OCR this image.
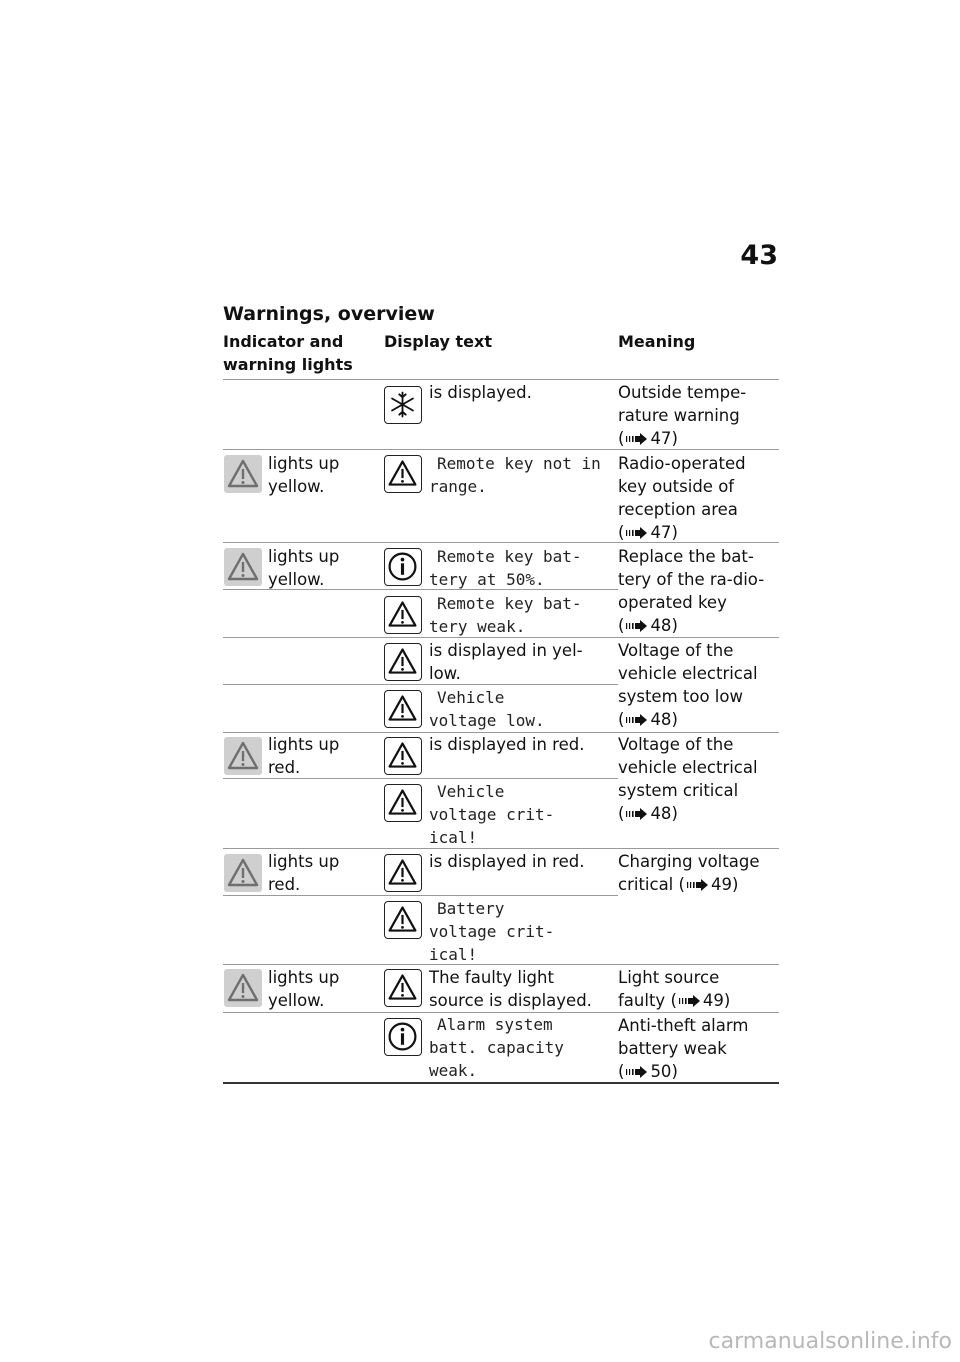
43
Warnings, overview
Indicator and warning lights
Display text	Meaning
is displayed.
lights up yellow.
Remote key not in range.
lights up yellow.
Remote key bat-tery at 50%.
Remote key bat-tery weak.
is displayed in yel-low.
Vehicle voltage low.
lights up red.
is displayed in red.
Vehicle voltage crit-ical!
lights up red.
is displayed in red.
Battery voltage crit-ical!
lights up yellow.
The faulty light source is displayed.
Alarm system batt. capacity weak.
Outside tempe-rature warning ( 47)
Radio-operated key outside of reception area ( 47)
Replace the bat-tery of the ra-dio-operated key ( 48)
Voltage of the vehicle electrical system too low ( 48)
Voltage of the vehicle electrical system critical ( 48)
Charging voltage critical ( 49)
Light source faulty ( 49)
Anti-theft alarm battery weak ( 50)
carmanualsonline.info
